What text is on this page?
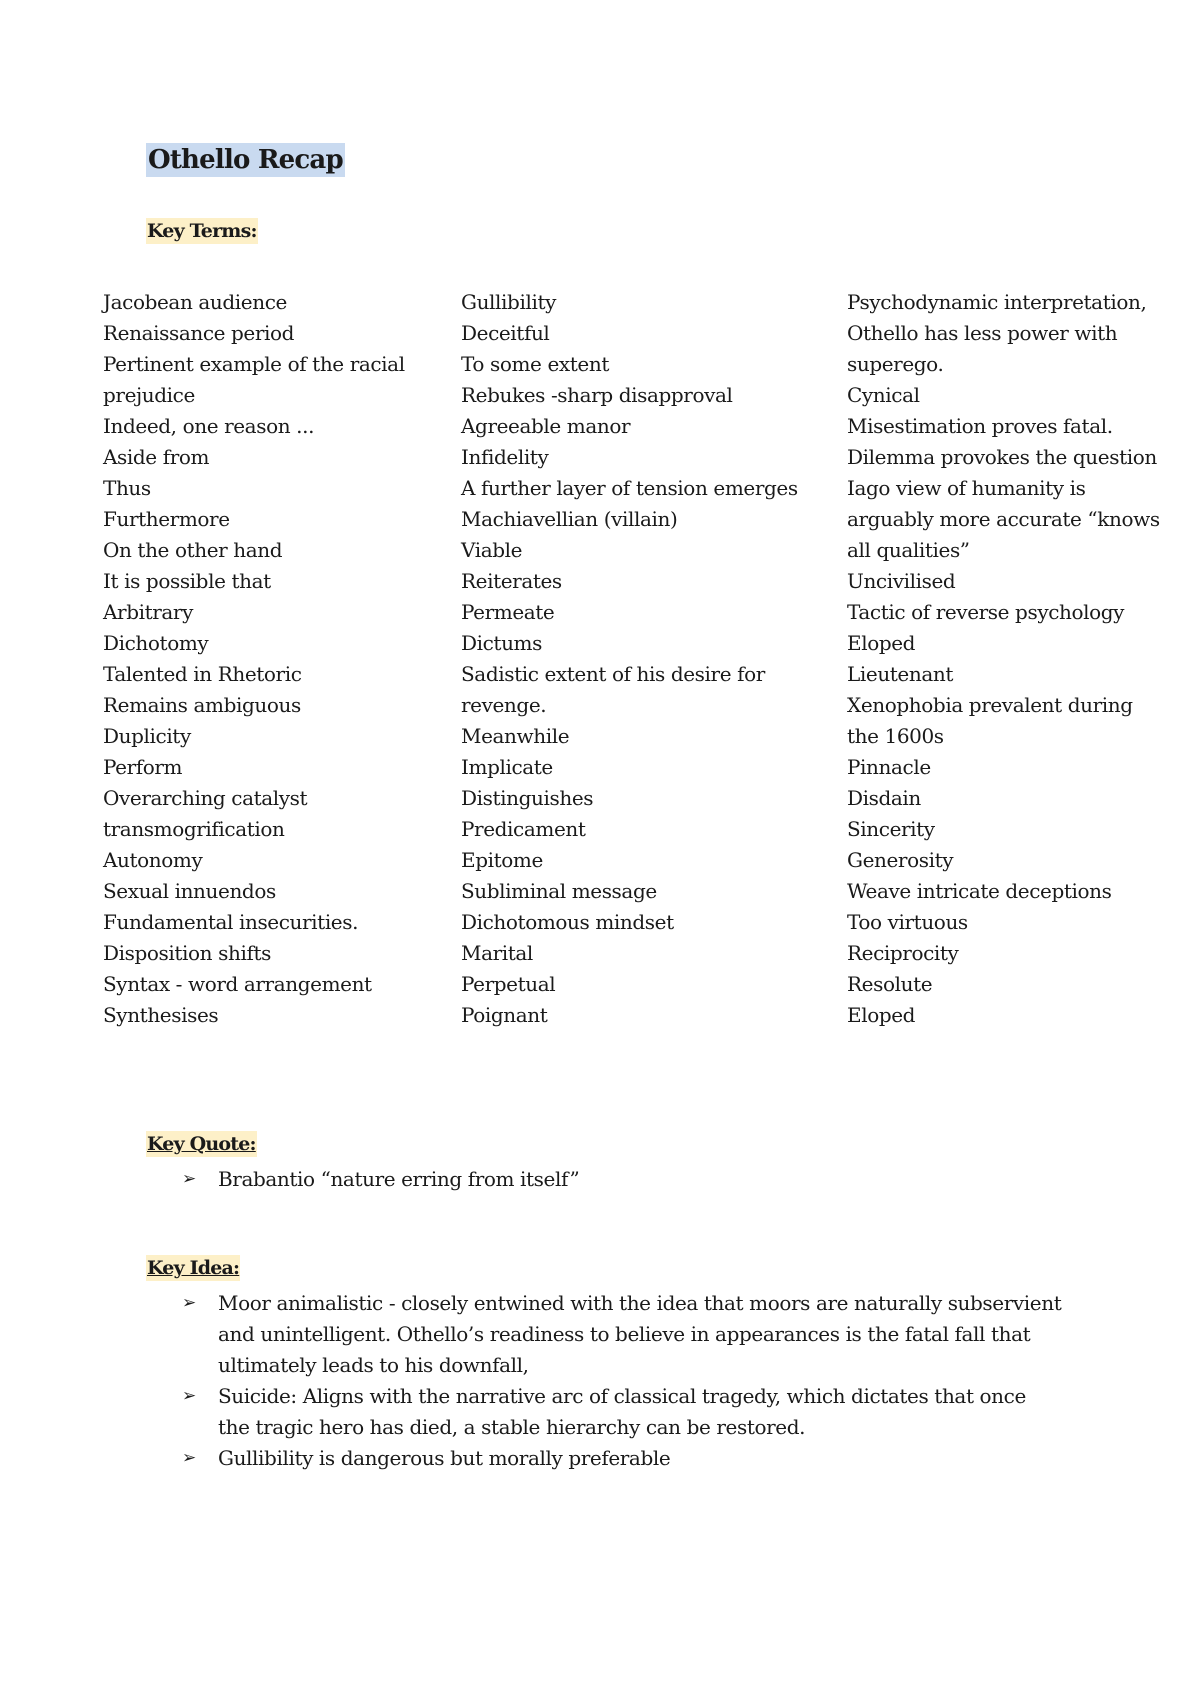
Othello Recap
Key Terms:
Jacobean audience
Renaissance period
Pertinent example of the racial
prejudice
Indeed, one reason ...
Aside from
Thus
Furthermore
On the other hand
It is possible that
Arbitrary
Dichotomy
Talented in Rhetoric
Remains ambiguous
Duplicity
Perform
Overarching catalyst
transmogrification
Autonomy
Sexual innuendos
Fundamental insecurities.
Disposition shifts
Syntax - word arrangement
Synthesises
Gullibility
Deceitful
To some extent
Rebukes -sharp disapproval
Agreeable manor
Infidelity
A further layer of tension emerges
Machiavellian (villain)
Viable
Reiterates
Permeate
Dictums
Sadistic extent of his desire for
revenge.
Meanwhile
Implicate
Distinguishes
Predicament
Epitome
Subliminal message
Dichotomous mindset
Marital
Perpetual
Poignant
Psychodynamic interpretation,
Othello has less power with
superego.
Cynical
Misestimation proves fatal.
Dilemma provokes the question
Iago view of humanity is
arguably more accurate “knows
all qualities”
Uncivilised
Tactic of reverse psychology
Eloped
Lieutenant
Xenophobia prevalent during
the 1600s
Pinnacle
Disdain
Sincerity
Generosity
Weave intricate deceptions
Too virtuous
Reciprocity
Resolute
Eloped
Key Quote:
➢ Brabantio “nature erring from itself”
Key Idea:
➢ Moor animalistic - closely entwined with the idea that moors are naturally subservient and unintelligent. Othello’s readiness to believe in appearances is the fatal fall that ultimately leads to his downfall,
➢ Suicide: Aligns with the narrative arc of classical tragedy, which dictates that once the tragic hero has died, a stable hierarchy can be restored.
➢ Gullibility is dangerous but morally preferable
